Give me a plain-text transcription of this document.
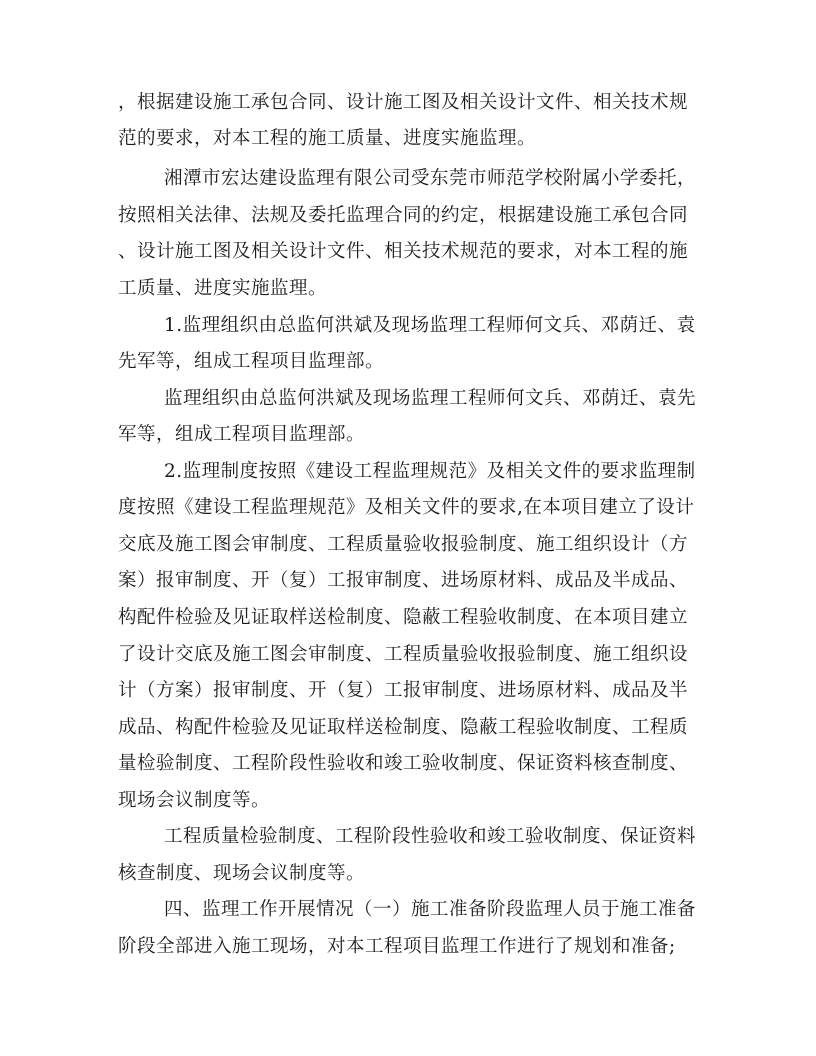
，根据建设施工承包合同、设计施工图及相关设计文件、相关技术规
范的要求，对本工程的施工质量、进度实施监理。
湘潭市宏达建设监理有限公司受东莞市师范学校附属小学委托，
按照相关法律、法规及委托监理合同的约定，根据建设施工承包合同
、设计施工图及相关设计文件、相关技术规范的要求，对本工程的施
工质量、进度实施监理。
1.监理组织由总监何洪斌及现场监理工程师何文兵、邓荫迁、袁
先军等，组成工程项目监理部。
监理组织由总监何洪斌及现场监理工程师何文兵、邓荫迁、袁先
军等，组成工程项目监理部。
2.监理制度按照《建设工程监理规范》及相关文件的要求监理制
度按照《建设工程监理规范》及相关文件的要求,在本项目建立了设计
交底及施工图会审制度、工程质量验收报验制度、施工组织设计（方
案）报审制度、开（复）工报审制度、进场原材料、成品及半成品、
构配件检验及见证取样送检制度、隐蔽工程验收制度、在本项目建立
了设计交底及施工图会审制度、工程质量验收报验制度、施工组织设
计（方案）报审制度、开（复）工报审制度、进场原材料、成品及半
成品、构配件检验及见证取样送检制度、隐蔽工程验收制度、工程质
量检验制度、工程阶段性验收和竣工验收制度、保证资料核查制度、
现场会议制度等。
工程质量检验制度、工程阶段性验收和竣工验收制度、保证资料
核查制度、现场会议制度等。
四、监理工作开展情况（一）施工准备阶段监理人员于施工准备
阶段全部进入施工现场，对本工程项目监理工作进行了规划和准备;
